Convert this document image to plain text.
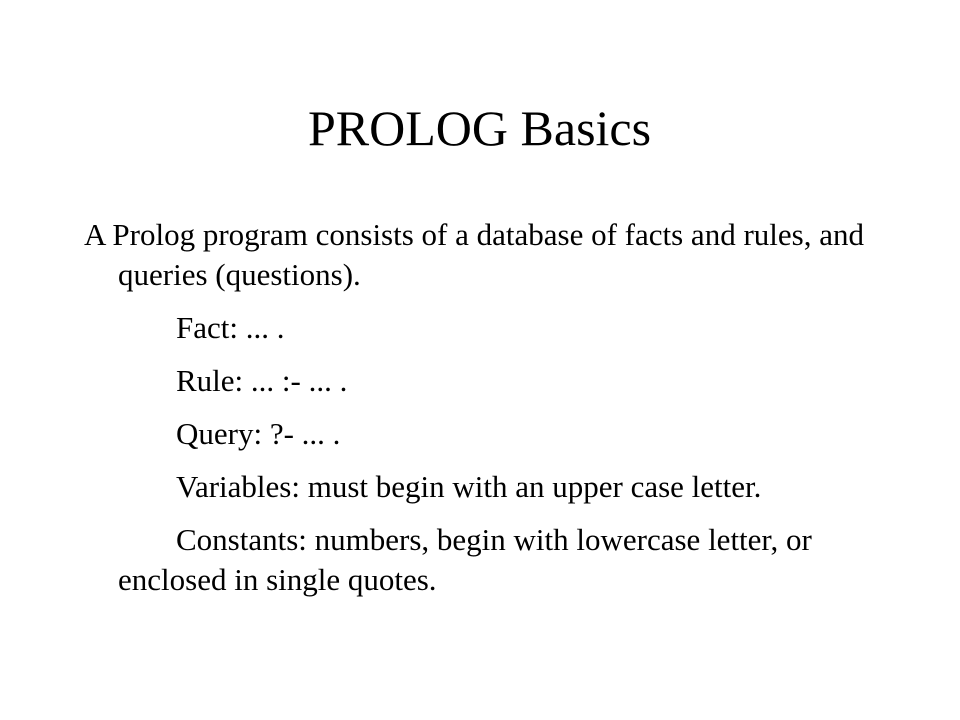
PROLOG Basics

A Prolog program consists of a database of facts and rules, and queries (questions).

Fact: ... .

Rule: ... :- ... .

Query: ?- ... .

Variables: must begin with an upper case letter.

Constants: numbers, begin with lowercase letter, or enclosed in single quotes.
